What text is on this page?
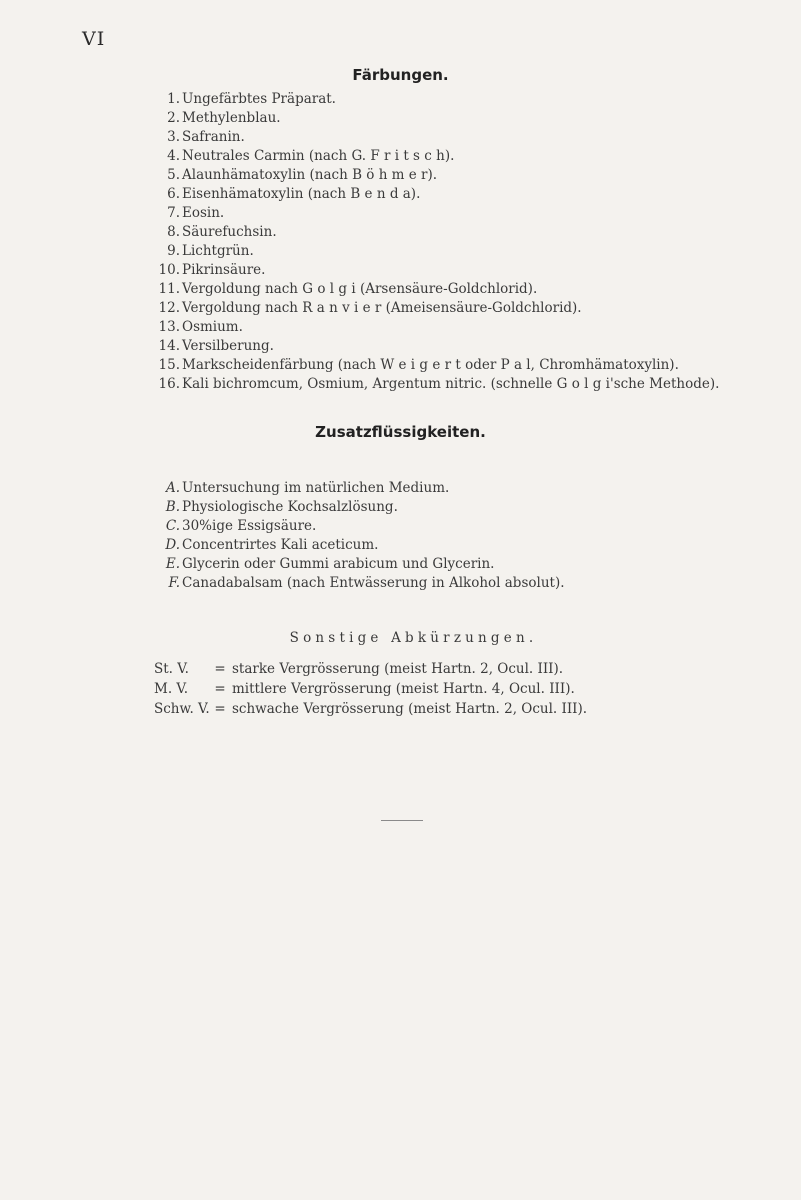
VI
Färbungen.
1. Ungefärbtes Präparat.
2. Methylenblau.
3. Safranin.
4. Neutrales Carmin (nach G. F r i t s c h).
5. Alaunhämatoxylin (nach B ö h m e r).
6. Eisenhämatoxylin (nach B e n d a).
7. Eosin.
8. Säurefuchsin.
9. Lichtgrün.
10. Pikrinsäure.
11. Vergoldung nach G o l g i (Arsensäure-Goldchlorid).
12. Vergoldung nach R a n v i e r (Ameisensäure-Goldchlorid).
13. Osmium.
14. Versilberung.
15. Markscheidenfärbung (nach W e i g e r t oder P a l, Chromhämatoxylin).
16. Kali bichromcum, Osmium, Argentum nitric. (schnelle G o l g i'sche Methode).
Zusatzflüssigkeiten.
A. Untersuchung im natürlichen Medium.
B. Physiologische Kochsalzlösung.
C. 30%ige Essigsäure.
D. Concentrirtes Kali aceticum.
E. Glycerin oder Gummi arabicum und Glycerin.
F. Canadabalsam (nach Entwässerung in Alkohol absolut).
Sonstige Abkürzungen.
St. V. = starke Vergrösserung (meist Hartn. 2, Ocul. III).
M. V. = mittlere Vergrösserung (meist Hartn. 4, Ocul. III).
Schw. V. = schwache Vergrösserung (meist Hartn. 2, Ocul. III).
